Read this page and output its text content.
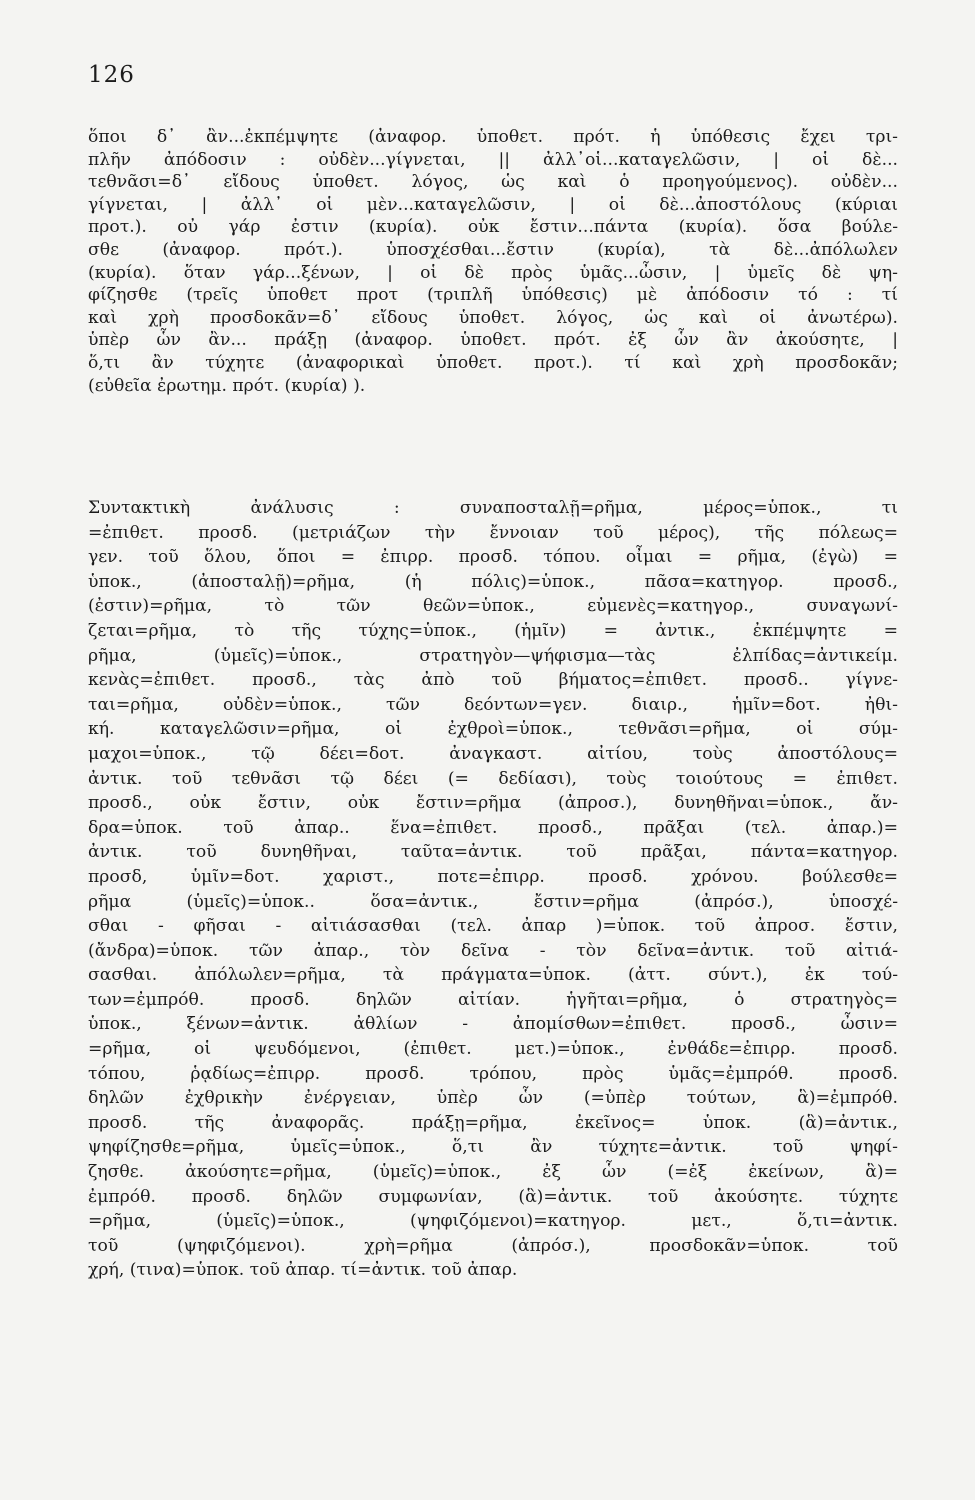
126

ὅποι δ᾽ ἂν...ἐκπέμψητε (ἀναφορ. ὑποθετ. πρότ. ἡ ὑπόθεσις ἔχει τρι-

πλῆν ἀπόδοσιν : οὐδὲν...γίγνεται, || ἀλλ᾽οἱ...καταγελῶσιν, | οἱ δὲ...

τεθνᾶσι=δ᾽ εἴδους ὑποθετ. λόγος, ὡς καὶ ὁ προηγούμενος). οὐδὲν...

γίγνεται, | ἀλλ᾽ οἱ μὲν...καταγελῶσιν, | οἱ δὲ...ἀποστόλους (κύριαι

προτ.). οὐ γάρ ἐστιν (κυρία). οὐκ ἔστιν...πάντα (κυρία). ὅσα βούλε-

σθε (ἀναφορ. πρότ.). ὑποσχέσθαι...ἔστιν (κυρία), τὰ δὲ...ἀπόλωλεν

(κυρία). ὅταν γάρ...ξένων, | οἱ δὲ πρὸς ὑμᾶς...ὦσιν, | ὑμεῖς δὲ ψη-

φίζησθε (τρεῖς ὑποθετ προτ (τριπλῆ ὑπόθεσις) μὲ ἀπόδοσιν τό : τί

καὶ χρὴ προσδοκᾶν=δ᾽ εἴδους ὑποθετ. λόγος, ὡς καὶ οἱ ἀνωτέρω).

ὑπὲρ ὧν ἂν... πράξῃ (ἀναφορ. ὑποθετ. πρότ. ἐξ ὧν ἂν ἀκούσητε, |

ὅ,τι ἂν τύχητε (ἀναφορικαὶ ὑποθετ. προτ.). τί καὶ χρὴ προσδοκᾶν;

(εὐθεῖα ἐρωτημ. πρότ. (κυρία) ).

Συντακτικὴ ἀνάλυσις : συναποσταλῇ=ρῆμα, μέρος=ὑποκ., τι

=ἐπιθετ. προσδ. (μετριάζων τὴν ἔννοιαν τοῦ μέρος), τῆς πόλεως=

γεν. τοῦ ὅλου, ὅποι = ἐπιρρ. προσδ. τόπου. οἶμαι = ρῆμα, (ἐγὼ) =

ὑποκ., (ἀποσταλῇ)=ρῆμα, (ἡ πόλις)=ὑποκ., πᾶσα=κατηγορ. προσδ.,

(ἐστιν)=ρῆμα, τὸ τῶν θεῶν=ὑποκ., εὐμενὲς=κατηγορ., συναγωνί-

ζεται=ρῆμα, τὸ τῆς τύχης=ὑποκ., (ἡμῖν) = ἀντικ., ἐκπέμψητε =

ρῆμα, (ὑμεῖς)=ὑποκ., στρατηγὸν—ψήφισμα—τὰς ἐλπίδας=ἀντικείμ.

κενὰς=ἐπιθετ. προσδ., τὰς ἀπὸ τοῦ βήματος=ἐπιθετ. προσδ.. γίγνε-

ται=ρῆμα, οὐδὲν=ὑποκ., τῶν δεόντων=γεν. διαιρ., ἡμῖν=δοτ. ἠθι-

κή. καταγελῶσιν=ρῆμα, οἱ ἐχθροὶ=ὑποκ., τεθνᾶσι=ρῆμα, οἱ σύμ-

μαχοι=ὑποκ., τῷ δέει=δοτ. ἀναγκαστ. αἰτίου, τοὺς ἀποστόλους=

ἀντικ. τοῦ τεθνᾶσι τῷ δέει (= δεδίασι), τοὺς τοιούτους = ἐπιθετ.

προσδ., οὐκ ἔστιν, οὐκ ἔστιν=ρῆμα (ἀπροσ.), δυνηθῆναι=ὑποκ., ἄν-

δρα=ὑποκ. τοῦ ἀπαρ.. ἕνα=ἐπιθετ. προσδ., πρᾶξαι (τελ. ἀπαρ.)=

ἀντικ. τοῦ δυνηθῆναι, ταῦτα=ἀντικ. τοῦ πρᾶξαι, πάντα=κατηγορ.

προσδ, ὑμῖν=δοτ. χαριστ., ποτε=ἐπιρρ. προσδ. χρόνου. βούλεσθε=

ρῆμα (ὑμεῖς)=ὑποκ.. ὅσα=ἀντικ., ἔστιν=ρῆμα (ἀπρόσ.), ὑποσχέ-

σθαι - φῆσαι - αἰτιάσασθαι (τελ. ἀπαρ )=ὑποκ. τοῦ ἀπροσ. ἔστιν,

(ἄνδρα)=ὑποκ. τῶν ἀπαρ., τὸν δεῖνα - τὸν δεῖνα=ἀντικ. τοῦ αἰτιά-

σασθαι. ἀπόλωλεν=ρῆμα, τὰ πράγματα=ὑποκ. (ἀττ. σύντ.), ἐκ τού-

των=ἐμπρόθ. προσδ. δηλῶν αἰτίαν. ἡγῆται=ρῆμα, ὁ στρατηγὸς=

ὑποκ., ξένων=ἀντικ. ἀθλίων - ἀπομίσθων=ἐπιθετ. προσδ., ὦσιν=

=ρῆμα, οἱ ψευδόμενοι, (ἐπιθετ. μετ.)=ὑποκ., ἐνθάδε=ἐπιρρ. προσδ.

τόπου, ῥᾳδίως=ἐπιρρ. προσδ. τρόπου, πρὸς ὑμᾶς=ἐμπρόθ. προσδ.

δηλῶν ἐχθρικὴν ἐνέργειαν, ὑπὲρ ὧν (=ὑπὲρ τούτων, ἃ)=ἐμπρόθ.

προσδ. τῆς ἀναφορᾶς. πράξῃ=ρῆμα, ἐκεῖνος= ὑποκ. (ἃ)=ἀντικ.,

ψηφίζησθε=ρῆμα, ὑμεῖς=ὑποκ., ὅ,τι ἂν τύχητε=ἀντικ. τοῦ ψηφί-

ζησθε. ἀκούσητε=ρῆμα, (ὑμεῖς)=ὑποκ., ἐξ ὧν (=ἐξ ἐκείνων, ἃ)=

ἐμπρόθ. προσδ. δηλῶν συμφωνίαν, (ἃ)=ἀντικ. τοῦ ἀκούσητε. τύχητε

=ρῆμα, (ὑμεῖς)=ὑποκ., (ψηφιζόμενοι)=κατηγορ. μετ., ὅ,τι=ἀντικ.

τοῦ (ψηφιζόμενοι). χρὴ=ρῆμα (ἀπρόσ.), προσδοκᾶν=ὑποκ. τοῦ

χρή, (τινα)=ὑποκ. τοῦ ἀπαρ. τί=ἀντικ. τοῦ ἀπαρ.
